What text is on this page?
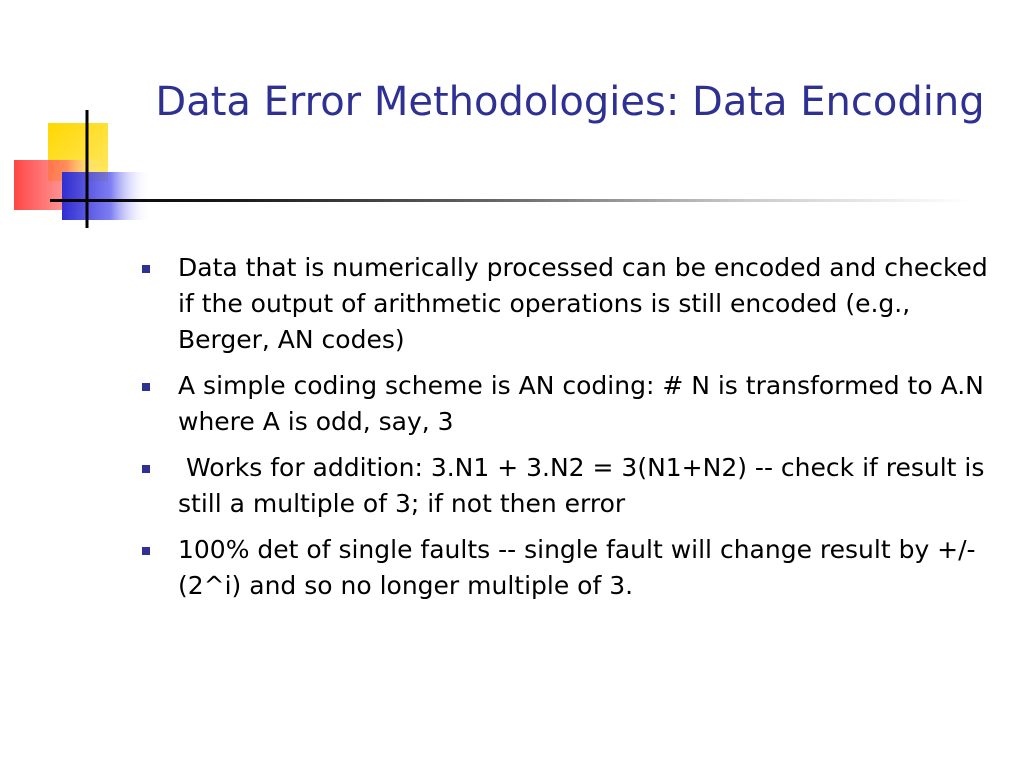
Data Error Methodologies: Data Encoding
Data that is numerically processed can be encoded and checked if the output of arithmetic operations is still encoded (e.g., Berger, AN codes)
A simple coding scheme is AN coding: # N is transformed to A.N where A is odd, say, 3
Works for addition: 3.N1 + 3.N2 = 3(N1+N2) -- check if result is still a multiple of 3; if not then error
100% det of single faults -- single fault will change result by +/- (2^i) and so no longer multiple of 3.
